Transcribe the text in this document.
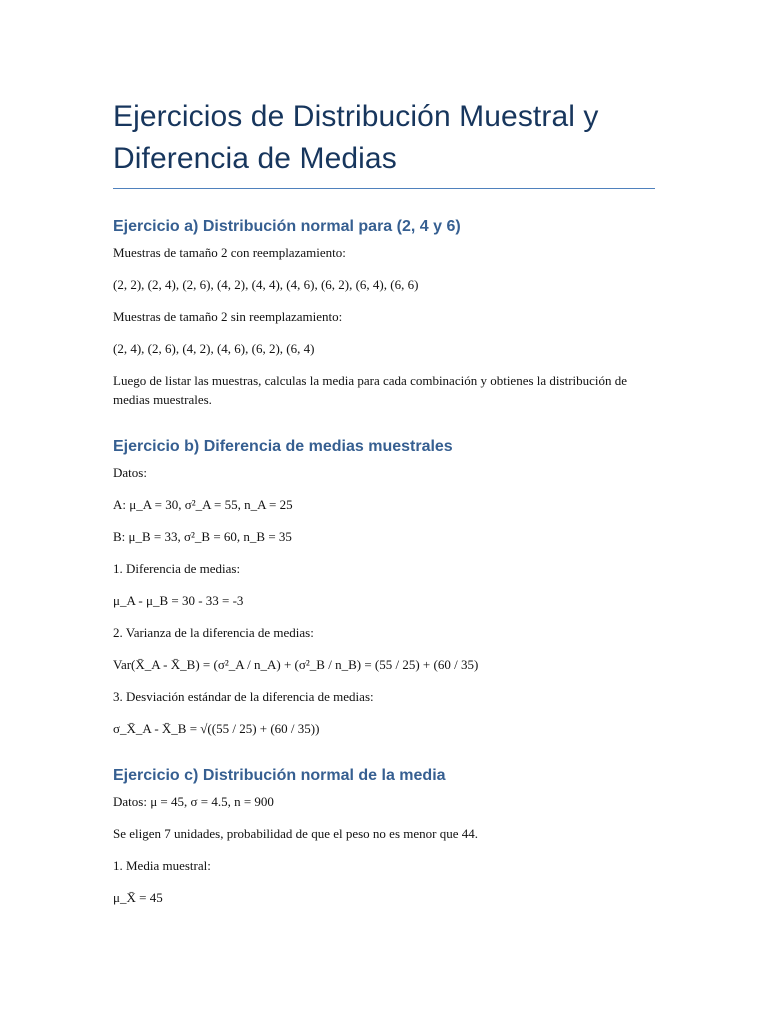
Ejercicios de Distribución Muestral y Diferencia de Medias
Ejercicio a) Distribución normal para (2, 4 y 6)

Muestras de tamaño 2 con reemplazamiento:

(2, 2), (2, 4), (2, 6), (4, 2), (4, 4), (4, 6), (6, 2), (6, 4), (6, 6)

Muestras de tamaño 2 sin reemplazamiento:

(2, 4), (2, 6), (4, 2), (4, 6), (6, 2), (6, 4)

Luego de listar las muestras, calculas la media para cada combinación y obtienes la distribución de medias muestrales.

Ejercicio b) Diferencia de medias muestrales

Datos:

A: μ_A = 30, σ²_A = 55, n_A = 25

B: μ_B = 33, σ²_B = 60, n_B = 35

1. Diferencia de medias:

μ_A - μ_B = 30 - 33 = -3

2. Varianza de la diferencia de medias:

Var(X̄_A - X̄_B) = (σ²_A / n_A) + (σ²_B / n_B) = (55 / 25) + (60 / 35)

3. Desviación estándar de la diferencia de medias:

σ_X̄_A - X̄_B = √((55 / 25) + (60 / 35))

Ejercicio c) Distribución normal de la media

Datos: μ = 45, σ = 4.5, n = 900

Se eligen 7 unidades, probabilidad de que el peso no es menor que 44.

1. Media muestral:

μ_X̄ = 45
